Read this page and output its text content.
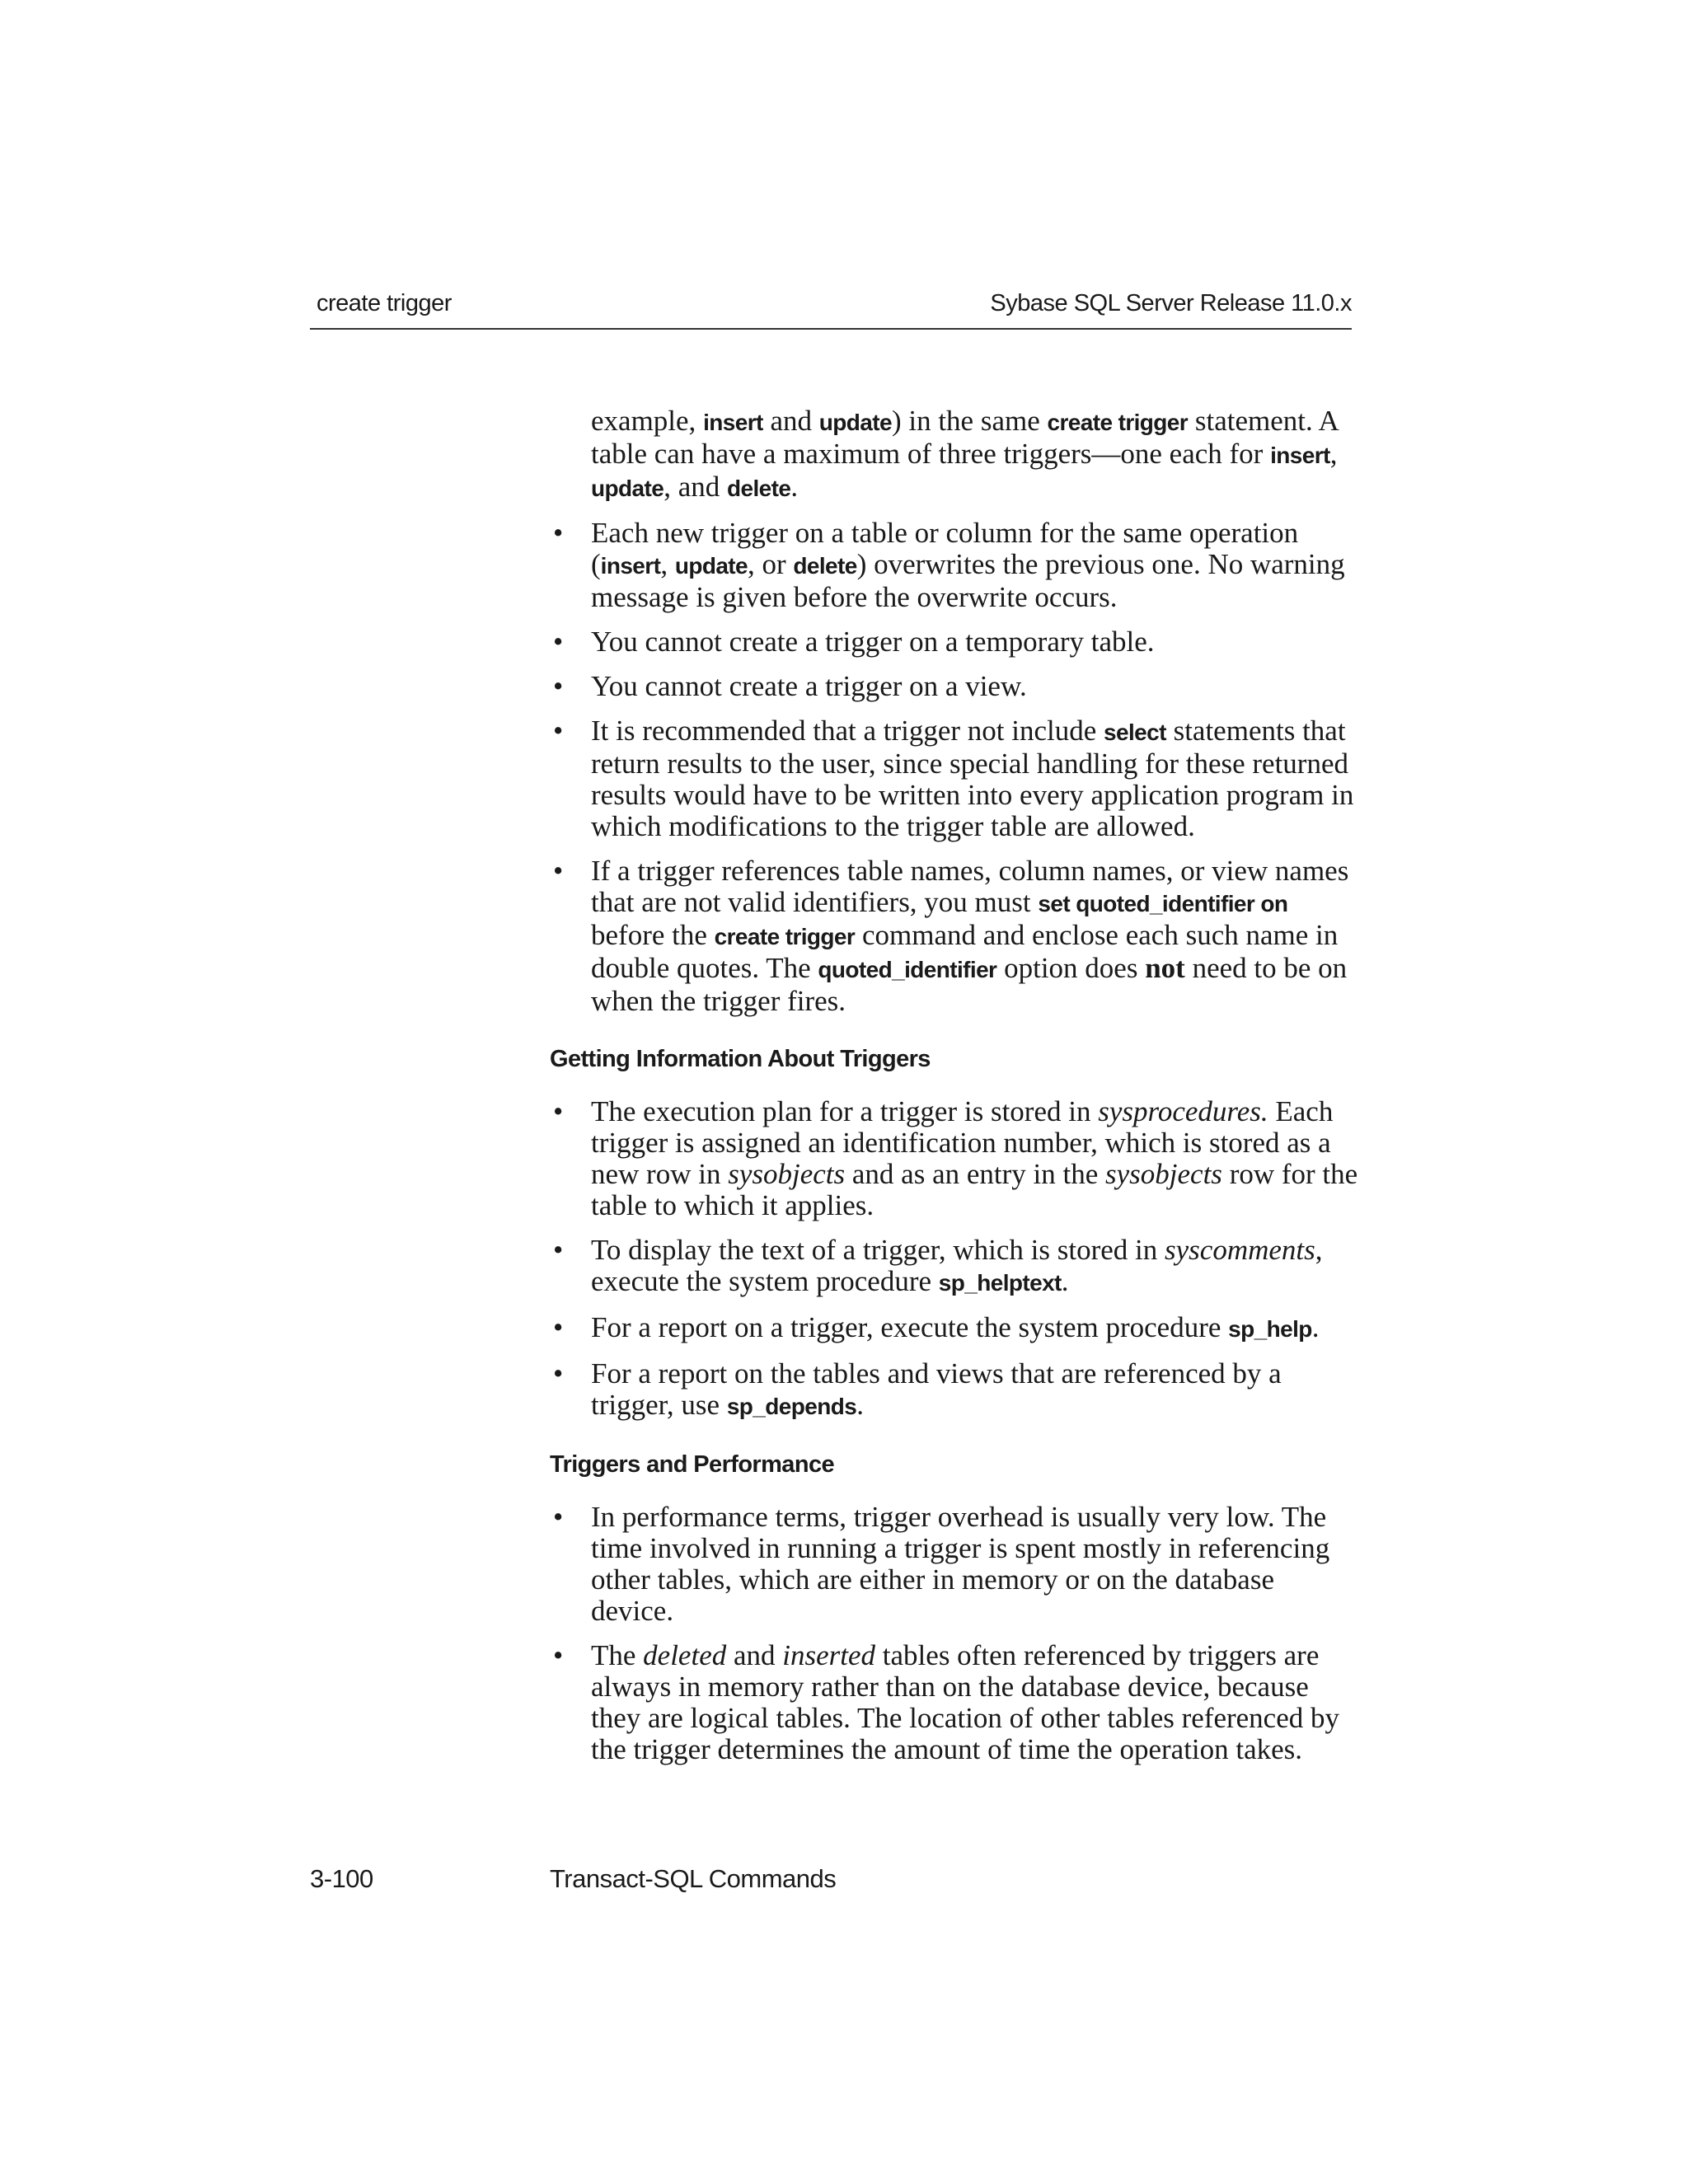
create trigger	Sybase SQL Server Release 11.0.x

example, insert and update) in the same create trigger statement. A table can have a maximum of three triggers—one each for insert, update, and delete.

• Each new trigger on a table or column for the same operation (insert, update, or delete) overwrites the previous one. No warning message is given before the overwrite occurs.
• You cannot create a trigger on a temporary table.
• You cannot create a trigger on a view.
• It is recommended that a trigger not include select statements that return results to the user, since special handling for these returned results would have to be written into every application program in which modifications to the trigger table are allowed.
• If a trigger references table names, column names, or view names that are not valid identifiers, you must set quoted_identifier on before the create trigger command and enclose each such name in double quotes. The quoted_identifier option does not need to be on when the trigger fires.
Getting Information About Triggers
• The execution plan for a trigger is stored in sysprocedures. Each trigger is assigned an identification number, which is stored as a new row in sysobjects and as an entry in the sysobjects row for the table to which it applies.
• To display the text of a trigger, which is stored in syscomments, execute the system procedure sp_helptext.
• For a report on a trigger, execute the system procedure sp_help.
• For a report on the tables and views that are referenced by a trigger, use sp_depends.
Triggers and Performance
• In performance terms, trigger overhead is usually very low. The time involved in running a trigger is spent mostly in referencing other tables, which are either in memory or on the database device.
• The deleted and inserted tables often referenced by triggers are always in memory rather than on the database device, because they are logical tables. The location of other tables referenced by the trigger determines the amount of time the operation takes.
3-100	Transact-SQL Commands
